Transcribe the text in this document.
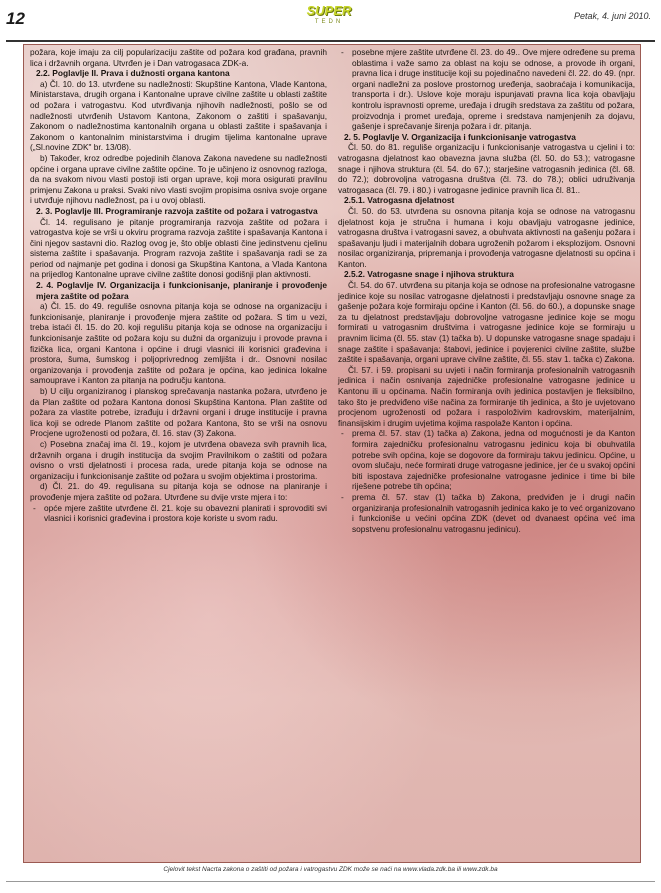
12	SUPER
TEDN
Petak, 4. juni 2010.

požara, koje imaju za cilj popularizaciju zaštite od požara kod građana, pravnih lica i državnih organa. Utvrđen je i Dan vatrogasaca ZDK-a.

2.2. Poglavlje II. Prava i dužnosti organa kantona

a) Čl. 10. do 13. utvrđene su nadležnosti: Skupštine Kantona, Vlade Kantona, Ministarstava, drugih organa i Kantonalne uprave civilne zaštite u oblasti zaštite od požara i vatrogastvu. Kod utvrđivanja njihovih nadležnosti, pošlo se od nadležnosti utvrđenih Ustavom Kantona, Zakonom o zaštiti i spašavanju, Zakonom o nadležnostima kantonalnih organa u oblasti zaštite i spašavanja i Zakonom o kantonalnim ministarstvima i drugim tijelima kantonalne uprave („Sl.novine ZDK" br. 13/08).

b) Također, kroz odredbe pojedinih članova Zakona navedene su nadležnosti općine i organa uprave civilne zaštite općine. To je učinjeno iz osnovnog razloga, da na svakom nivou vlasti postoji isti organ uprave, koji mora osigurati pravilnu primjenu Zakona u praksi. Svaki nivo vlasti svojim propisima osniva svoje organe i utvrđuje njihovu nadležnost, pa i u ovoj oblasti.

2. 3. Poglavlje III. Programiranje razvoja zaštite od požara i vatrogastva

Čl. 14. regulisano je pitanje programiranja razvoja zaštite od požara i vatrogastva koje se vrši u okviru programa razvoja zaštite i spašavanja Kantona i čini njegov sastavni dio. Razlog ovog je, što oblje oblasti čine jedinstvenu cjelinu sistema zaštite i spašavanja. Program razvoja zaštite i spašavanja radi se za period od najmanje pet godina i donosi ga Skupština Kantona, a Vlada Kantona na prijedlog Kantonalne uprave civilne zaštite donosi godišnji plan aktivnosti.

2. 4. Poglavlje IV. Organizacija i funkcionisanje, planiranje i provođenje mjera zaštite od požara

a) Čl. 15. do 49. reguliše osnovna pitanja koja se odnose na organizaciju i funkcionisanje, planiranje i provođenje mjera zaštite od požara. S tim u vezi, treba istaći čl. 15. do 20. koji regulišu pitanja koja se odnose na organizaciju i funkcionisanje zaštite od požara koju su dužni da organizuju i provode pravna i fizička lica, organi Kantona i općine i drugi vlasnici ili korisnici građevina i prostora, šuma, šumskog i poljoprivrednog zemljišta i dr.. Osnovni nosilac organizovanja i provođenja zaštite od požara je općina, kao jedinica lokalne samouprave i Kanton za pitanja na području kantona.

b) U cilju organiziranog i planskog sprečavanja nastanka požara, utvrđeno je da Plan zaštite od požara Kantona donosi Skupština Kantona. Plan zaštite od požara za vlastite potrebe, izrađuju i državni organi i druge institucije i pravna lica koji se odrede Planom zaštite od požara Kantona, što se vrši na osnovu Procjene ugroženosti od požara, čl. 16. stav (3) Zakona.

c) Posebna značaj ima čl. 19., kojom je utvrđena obaveza svih pravnih lica, državnih organa i drugih institucija da svojim Pravilnikom o zaštiti od požara ovisno o vrsti djelatnosti i procesa rada, urede pitanja koja se odnose na organizaciju i funkcionisanje zaštite od požara u svojim objektima i prostorima.

d) Čl. 21. do 49. regulisana su pitanja koja se odnose na planiranje i provođenje mjera zaštite od požara. Utvrđene su dvije vrste mjera i to:

- opće mjere zaštite utvrđene čl. 21. koje su obavezni planirati i sprovoditi svi vlasnici i korisnici građevina i prostora koje koriste u svom radu.
- posebne mjere zaštite utvrđene čl. 23. do 49.. Ove mjere određene su prema oblastima i važe samo za oblast na koju se odnose, a provode ih organi, pravna lica i druge institucije koji su pojedinačno navedeni čl. 22. do 49. (npr. organi nadležni za poslove prostornog uređenja, saobraćaja i komunikacija, transporta i dr.). Uslove koje moraju ispunjavati pravna lica koja obavljaju kontrolu ispravnosti opreme, uređaja i drugih sredstava za zaštitu od požara, proizvodnja i promet uređaja, opreme i sredstava namjenjenih za dojavu, gašenje i sprečavanje širenja požara i dr. pitanja.
2. 5. Poglavlje V. Organizacija i funkcionisanje vatrogastva

Čl. 50. do 81. reguliše organizaciju i funkcionisanje vatrogastva u cjelini i to: vatrogasna djelatnost kao obavezna javna služba (čl. 50. do 53.); vatrogasne snage i njihova struktura (čl. 54. do 67.); starješine vatrogasnih jedinica (čl. 68. do 72.); dobrovoljna vatrogasna društva (čl. 73. do 78.); oblici udruživanja vatrogasaca (čl. 79. i 80.) i vatrogasne jedinice pravnih lica čl. 81..

2.5.1. Vatrogasna djelatnost

Čl. 50. do 53. utvrđena su osnovna pitanja koja se odnose na vatrogasnu djelatnost koja je stručna i humana i koju obavljaju vatrogasne jedinice, vatrogasna društva i vatrogasni savez, a obuhvata aktivnosti na gašenju požara i spašavanju ljudi i materijalnih dobara ugroženih požarom i eksplozijom. Osnovni nosilac organiziranja, pripremanja i provođenja vatrogasne djelatnosti su općina i Kanton.

2.5.2. Vatrogasne snage i njihova struktura

Čl. 54. do 67. utvrđena su pitanja koja se odnose na profesionalne vatrogasne jedinice koje su nosilac vatrogasne djelatnosti i predstavljaju osnovne snage za gašenje požara koje formiraju općine i Kanton (čl. 56. do 60.), a dopunske snage za tu djelatnost predstavljaju dobrovoljne vatrogasne jedinice koje se mogu formirati u vatrogasnim društvima i vatrogasne jedinice koje se formiraju u pravnim licima (čl. 55. stav (1) tačka b). U dopunske vatrogasne snage spadaju i snage zaštite i spašavanja: štabovi, jedinice i povjerenici civilne zaštite, službe zaštite i spašavanja, organi uprave civilne zaštite, čl. 55. stav 1. tačka c) Zakona.

Čl. 57. i 59. propisani su uvjeti i način formiranja profesionalnih vatrogasnih jedinica i način osnivanja zajedničke profesionalne vatrogasne jedinice u Kantonu ili u općinama. Način formiranja ovih jedinica postavljen je fleksibilno, tako što je predviđeno više načina za formiranje tih jedinica, a što je uvjetovano procjenom ugroženosti od požara i raspoloživim kadrovskim, materijalnim, finansijskim i drugim uvjetima kojima raspolaže Kanton i općina.

- prema čl. 57. stav (1) tačka a) Zakona, jedna od mogućnosti je da Kanton formira zajedničku profesionalnu vatrogasnu jedinicu koja bi obuhvatila potrebe svih općina, koje se dogovore da formiraju takvu jedinicu. Općine, u ovom slučaju, neće formirati druge vatrogasne jedinice, jer će u svakoj općini biti ispostava zajedničke profesionalne vatrogasne jedinice i time bi bile riješene potrebe tih općina;
- prema čl. 57. stav (1) tačka b) Zakona, predviđen je i drugi način organiziranja profesionalnih vatrogasnih jedinica kako je to već organizovano i funkcioniše u većini općina ZDK (devet od dvanaest općina već ima sopstvenu profesionalnu vatrogasnu jedinicu).
Cjelovit tekst Nacrta zakona o zaštiti od požara i vatrogastvu ZDK može se naći na www.vlada.zdk.ba ili www.zdk.ba
